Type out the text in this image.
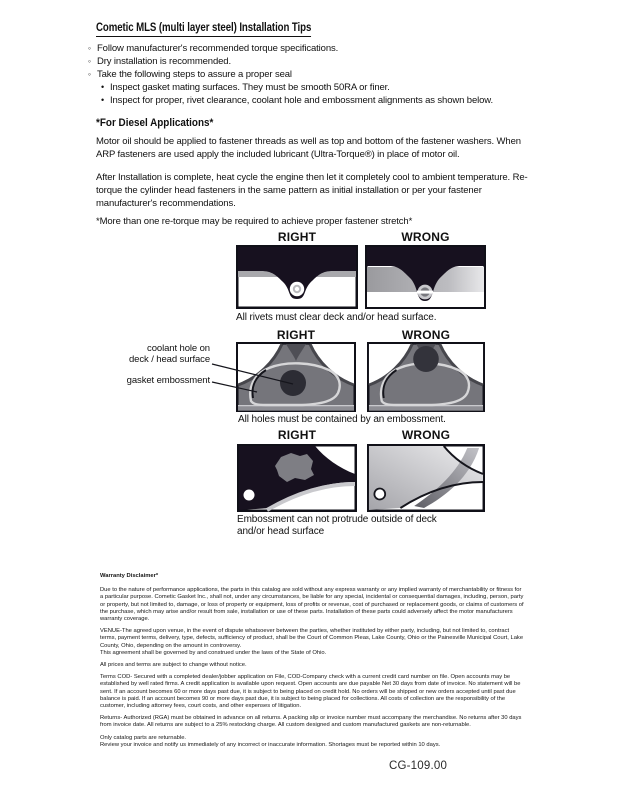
Cometic MLS (multi layer steel) Installation Tips
◦ Follow manufacturer's recommended torque specifications.
◦ Dry installation is recommended.
◦ Take the following steps to assure a proper seal
• Inspect gasket mating surfaces. They must be smooth 50RA or finer.
• Inspect for proper, rivet clearance, coolant hole and embossment alignments as shown below.
*For Diesel Applications*

Motor oil should be applied to fastener threads as well as top and bottom of the fastener washers. When ARP fasteners are used apply the included lubricant (Ultra-Torque®) in place of motor oil.

After Installation is complete, heat cycle the engine then let it completely cool to ambient temperature. Re-torque the cylinder head fasteners in the same pattern as initial installation or per your fastener manufacturer's recommendations.

*More than one re-torque may be required to achieve proper fastener stretch*

RIGHT	WRONG

All rivets must clear deck and/or head surface.

RIGHT	WRONG
coolant hole on
deck / head surface
gasket embossment

All holes must be contained by an embossment.

RIGHT	WRONG

Embossment can not protrude outside of deck and/or head surface

Warranty Disclaimer*

Due to the nature of performance applications, the parts in this catalog are sold without any express warranty or any implied warranty of merchantability or fitness for a particular purpose. Cometic Gasket Inc., shall not, under any circumstances, be liable for any special, incidental or consequential damages, including, person, party or property, but not limited to, damage, or loss of property or equipment, loss of profits or revenue, cost of purchased or replacement goods, or claims of customers of the purchase, which may arise and/or result from sale, installation or use of these parts. Installation of these parts could adversely affect the motor manufacturers warranty coverage.

VENUE-The agreed upon venue, in the event of dispute whatsoever between the parties, whether instituted by either party, including, but not limited to, contract terms, payment terms, delivery, type, defects, sufficiency of product, shall be the Court of Common Pleas, Lake County, Ohio or the Painesville Municipal Court, Lake County, Ohio, depending on the amount in controversy.

This agreement shall be governed by and construed under the laws of the State of Ohio.

All prices and terms are subject to change without notice.

Terms COD- Secured with a completed dealer/jobber application on File, COD-Company check with a current credit card number on file. Open accounts may be established by well rated firms. A credit application is available upon request. Open accounts are due payable Net 30 days from date of invoice. No statement will be sent. If an account becomes 60 or more days past due, it is subject to being placed on credit hold. No orders will be shipped or new orders accepted until past due balance is paid. If an account becomes 90 or more days past due, it is subject to being placed for collections. All costs of collection are the responsibility of the customer, including attorney fees, court costs, and other expenses of litigation.

Returns- Authorized (RGA) must be obtained in advance on all returns. A packing slip or invoice number must accompany the merchandise. No returns after 30 days from invoice date. All returns are subject to a 25% restocking charge. All custom designed and custom manufactured gaskets are non-returnable.

Only catalog parts are returnable.

Review your invoice and notify us immediately of any incorrect or inaccurate information. Shortages must be reported within 10 days.

CG-109.00
